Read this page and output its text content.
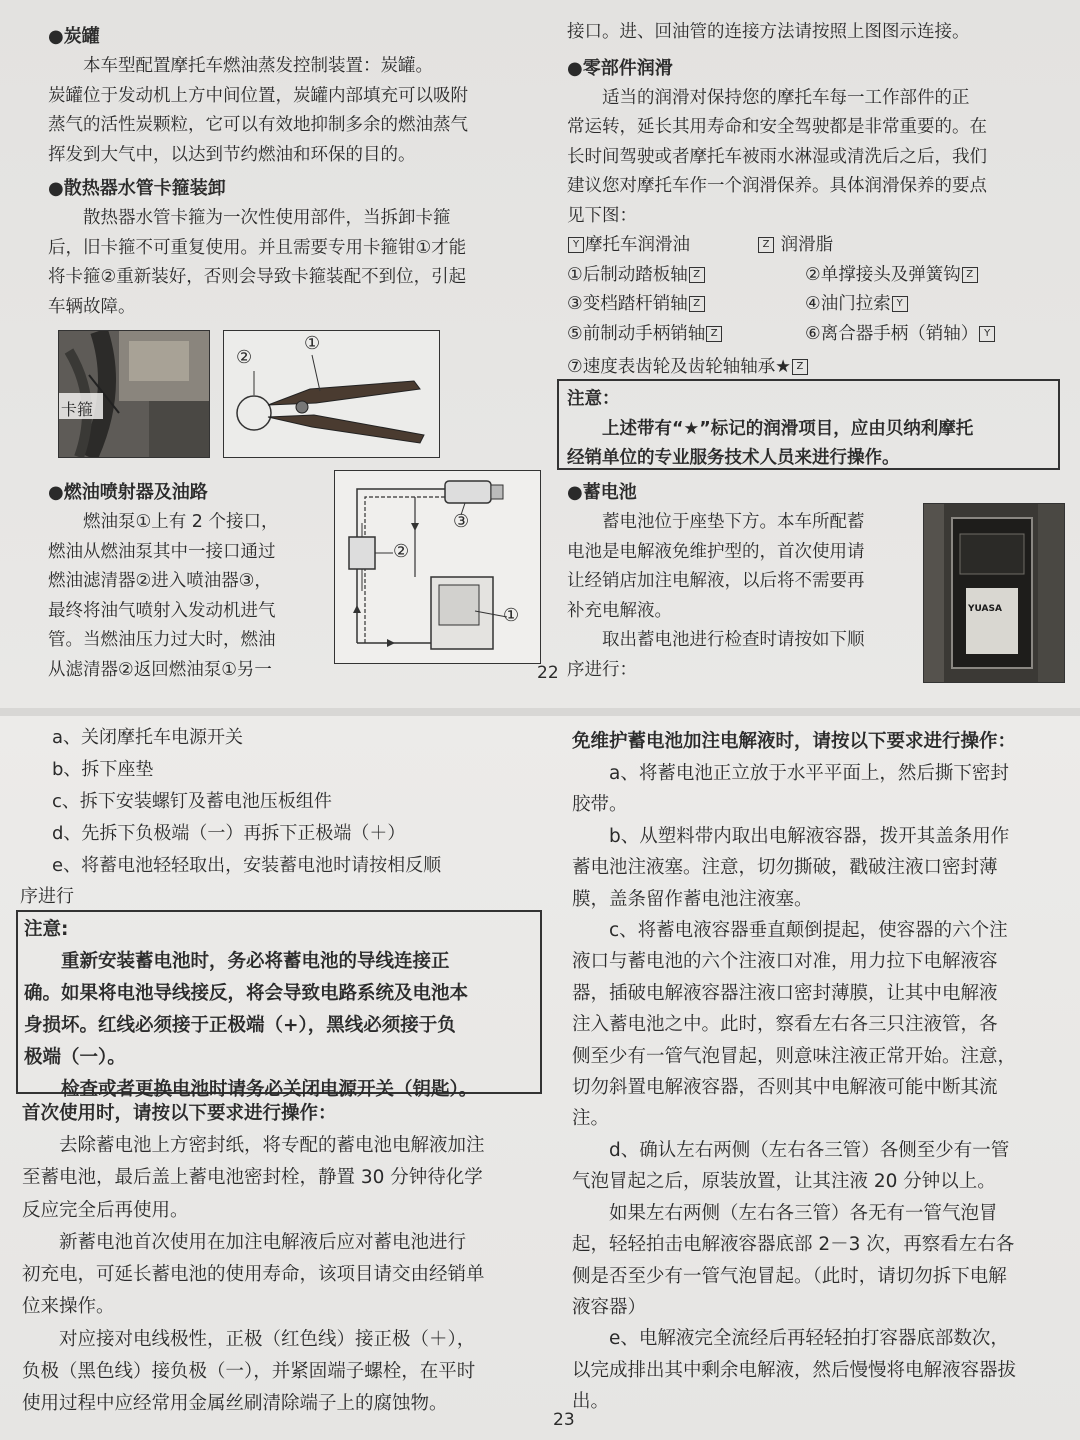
●炭罐

本车型配置摩托车燃油蒸发控制装置：炭罐。

炭罐位于发动机上方中间位置，炭罐内部填充可以吸附

蒸气的活性炭颗粒，它可以有效地抑制多余的燃油蒸气

挥发到大气中，以达到节约燃油和环保的目的。

●散热器水管卡箍装卸

散热器水管卡箍为一次性使用部件，当拆卸卡箍

后，旧卡箍不可重复使用。并且需要专用卡箍钳①才能

将卡箍②重新装好，否则会导致卡箍装配不到位，引起

车辆故障。

卡箍
②
①

●燃油喷射器及油路

燃油泵①上有 2 个接口，

燃油从燃油泵其中一接口通过

燃油滤清器②进入喷油器③，

最终将油气喷射入发动机进气

管。当燃油压力过大时，燃油

从滤清器②返回燃油泵①另一

①
②
③

接口。进、回油管的连接方法请按照上图图示连接。

●零部件润滑

适当的润滑对保持您的摩托车每一工作部件的正

常运转，延长其用寿命和安全驾驶都是非常重要的。在

长时间驾驶或者摩托车被雨水淋湿或清洗后之后，我们

建议您对摩托车作一个润滑保养。具体润滑保养的要点

见下图：

Y 摩托车润滑油	Z 润滑脂
①后制动踏板轴 Z	②单撑接头及弹簧钩 Z
③变档踏杆销轴 Z	④油门拉索 Y
⑤前制动手柄销轴 Z	⑥离合器手柄（销轴） Y
⑦速度表齿轮及齿轮轴轴承★ Z

注意：

上述带有“★”标记的润滑项目，应由贝纳利摩托

经销单位的专业服务技术人员来进行操作。

●蓄电池

蓄电池位于座垫下方。本车所配蓄

电池是电解液免维护型的，首次使用请

让经销店加注电解液，以后将不需要再

补充电解液。

取出蓄电池进行检查时请按如下顺

序进行：

YUASA
22

a、关闭摩托车电源开关

b、拆下座垫

c、拆下安装螺钉及蓄电池压板组件

d、先拆下负极端（一）再拆下正极端（＋）

e、将蓄电池轻轻取出，安装蓄电池时请按相反顺

序进行

注意:

重新安装蓄电池时，务必将蓄电池的导线连接正

确。如果将电池导线接反，将会导致电路系统及电池本

身损坏。红线必须接于正极端（+），黑线必须接于负

极端（一）。

检查或者更换电池时请务必关闭电源开关（钥匙）。

首次使用时，请按以下要求进行操作：

去除蓄电池上方密封纸，将专配的蓄电池电解液加注

至蓄电池，最后盖上蓄电池密封栓，静置 30 分钟待化学

反应完全后再使用。

新蓄电池首次使用在加注电解液后应对蓄电池进行

初充电，可延长蓄电池的使用寿命，该项目请交由经销单

位来操作。

对应接对电线极性，正极（红色线）接正极（＋），

负极（黑色线）接负极（一），并紧固端子螺栓，在平时

使用过程中应经常用金属丝刷清除端子上的腐蚀物。

免维护蓄电池加注电解液时，请按以下要求进行操作：

a、将蓄电池正立放于水平平面上，然后撕下密封

胶带。

b、从塑料带内取出电解液容器，拨开其盖条用作

蓄电池注液塞。注意，切勿撕破，戳破注液口密封薄

膜，盖条留作蓄电池注液塞。

c、将蓄电液容器垂直颠倒提起，使容器的六个注

液口与蓄电池的六个注液口对准，用力拉下电解液容

器，插破电解液容器注液口密封薄膜，让其中电解液

注入蓄电池之中。此时，察看左右各三只注液管，各

侧至少有一管气泡冒起，则意味注液正常开始。注意，

切勿斜置电解液容器，否则其中电解液可能中断其流

注。

d、确认左右两侧（左右各三管）各侧至少有一管

气泡冒起之后，原装放置，让其注液 20 分钟以上。

如果左右两侧（左右各三管）各无有一管气泡冒

起，轻轻拍击电解液容器底部 2－3 次，再察看左右各

侧是否至少有一管气泡冒起。（此时，请切勿拆下电解

液容器）

e、电解液完全流经后再轻轻拍打容器底部数次，

以完成排出其中剩余电解液，然后慢慢将电解液容器拔

出。

23
